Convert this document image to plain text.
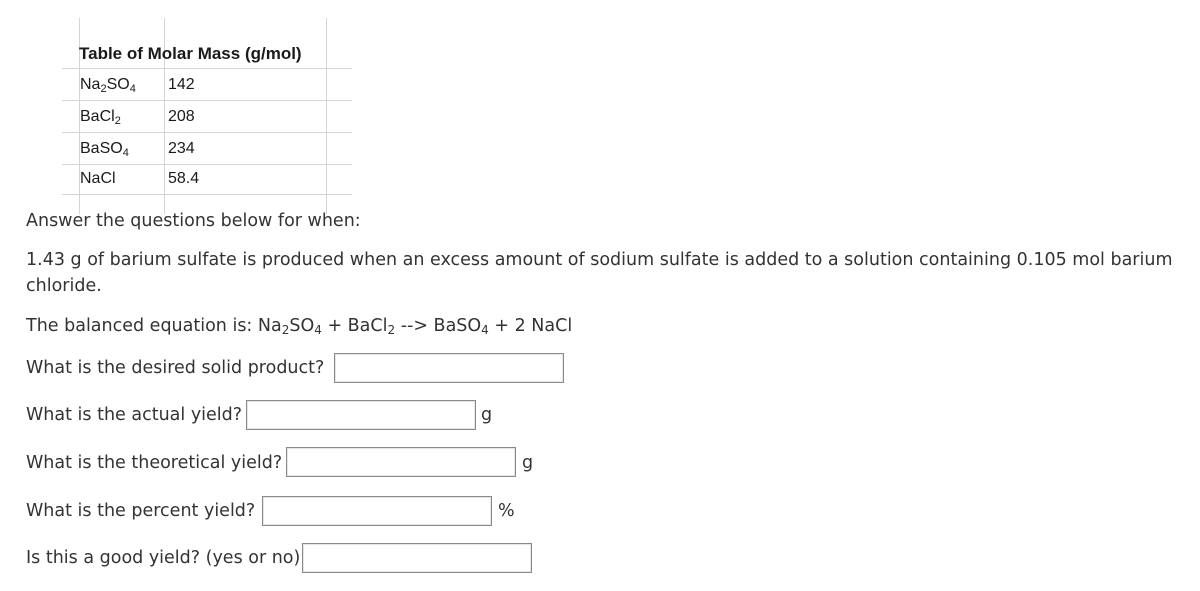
Table of Molar Mass (g/mol)
$Na_2SO_4$ 142
BaCl$_2$	208
BaSO$_4$ 234
NaCl	58.4
Answer the questions below for when:
1.43 g of barium sulfate is produced when an excess amount of sodium sulfate is added to a solution containing 0.105 mol barium chloride.
The balanced equation is: $Na_2SO_4$ + BaCl$_2$ --> BaSO$_4$ + 2 NaCl
What is the desired solid product?
What is the actual yield?	g
What is the theoretical yield?	g
What is the percent yield?	%
Is this a good yield? (yes or no)
